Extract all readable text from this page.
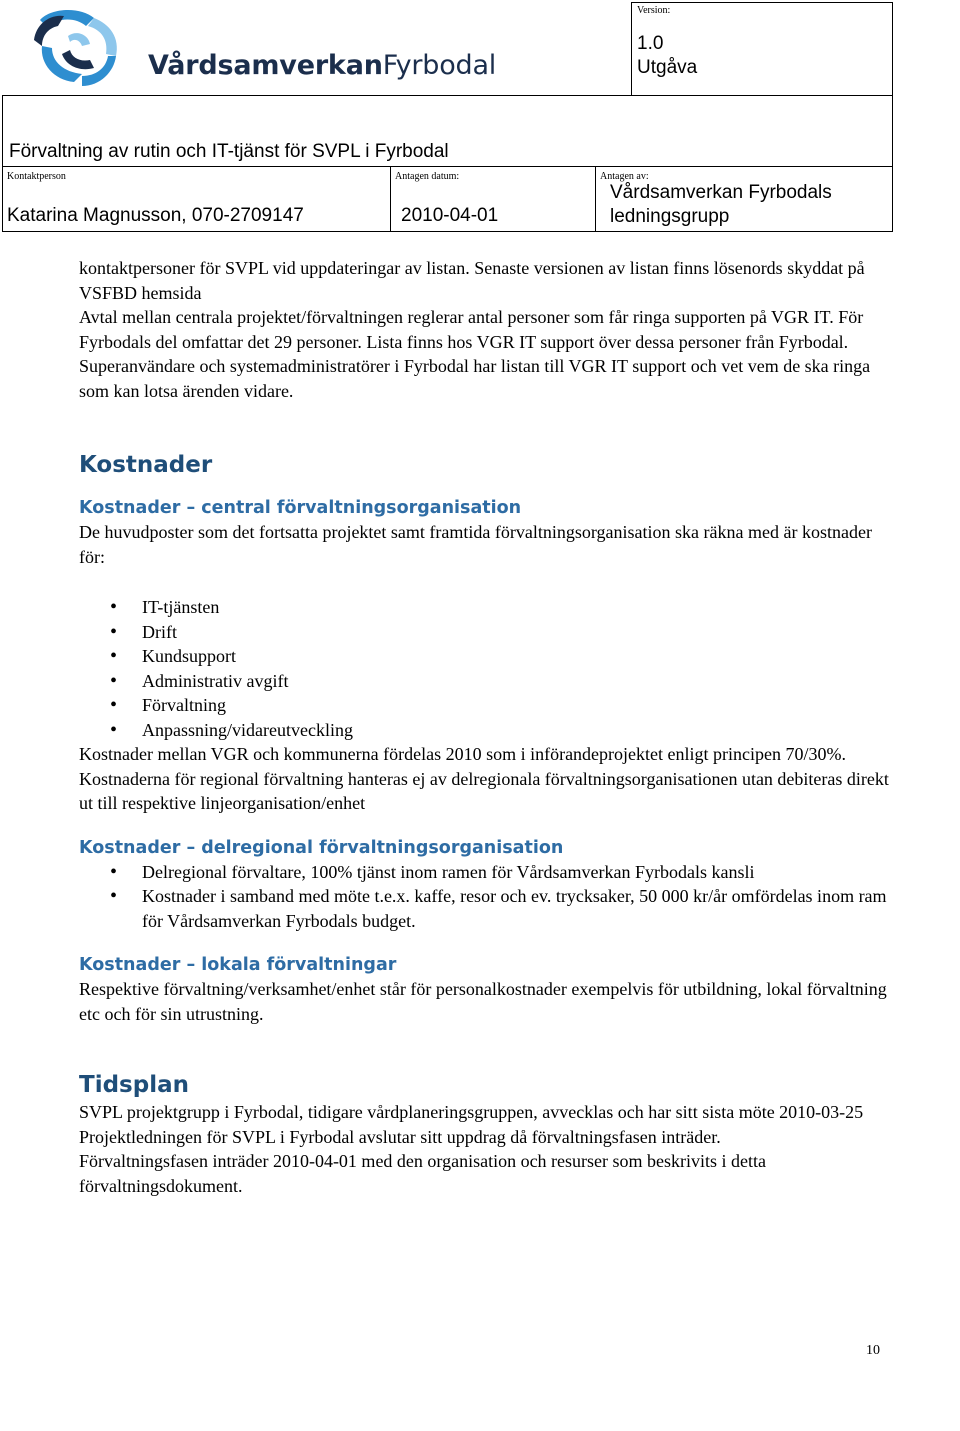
VårdsamverkanFyrbodal
Version:
1.0
Utgåva
Förvaltning av rutin och IT-tjänst för SVPL i Fyrbodal
Kontaktperson
Katarina Magnusson, 070-2709147
Antagen datum:
2010-04-01
Antagen av:
Vårdsamverkan Fyrbodals ledningsgrupp

kontaktpersoner för SVPL vid uppdateringar av listan. Senaste versionen av listan finns lösenords skyddat på VSFBD hemsida

Avtal mellan centrala projektet/förvaltningen reglerar antal personer som får ringa supporten på VGR IT. För Fyrbodals del omfattar det 29 personer. Lista finns hos VGR IT support över dessa personer från Fyrbodal.

Superanvändare och systemadministratörer i Fyrbodal har listan till VGR IT support och vet vem de ska ringa som kan lotsa ärenden vidare.

Kostnader
Kostnader – central förvaltningsorganisation

De huvudposter som det fortsatta projektet samt framtida förvaltningsorganisation ska räkna med är kostnader för:

• IT-tjänsten
• Drift
• Kundsupport
• Administrativ avgift
• Förvaltning
• Anpassning/vidareutveckling

Kostnader mellan VGR och kommunerna fördelas 2010 som i införandeprojektet enligt principen 70/30%. Kostnaderna för regional förvaltning hanteras ej av delregionala förvaltningsorganisationen utan debiteras direkt ut till respektive linjeorganisation/enhet

Kostnader – delregional förvaltningsorganisation
• Delregional förvaltare, 100% tjänst inom ramen för Vårdsamverkan Fyrbodals kansli
• Kostnader i samband med möte t.e.x. kaffe, resor och ev. trycksaker, 50 000 kr/år omfördelas inom ram för Vårdsamverkan Fyrbodals budget.
Kostnader – lokala förvaltningar

Respektive förvaltning/verksamhet/enhet står för personalkostnader exempelvis för utbildning, lokal förvaltning etc och för sin utrustning.

Tidsplan

SVPL projektgrupp i Fyrbodal, tidigare vårdplaneringsgruppen, avvecklas och har sitt sista möte 2010-03-25

Projektledningen för SVPL i Fyrbodal avslutar sitt uppdrag då förvaltningsfasen inträder.

Förvaltningsfasen inträder 2010-04-01 med den organisation och resurser som beskrivits i detta förvaltningsdokument.

10
